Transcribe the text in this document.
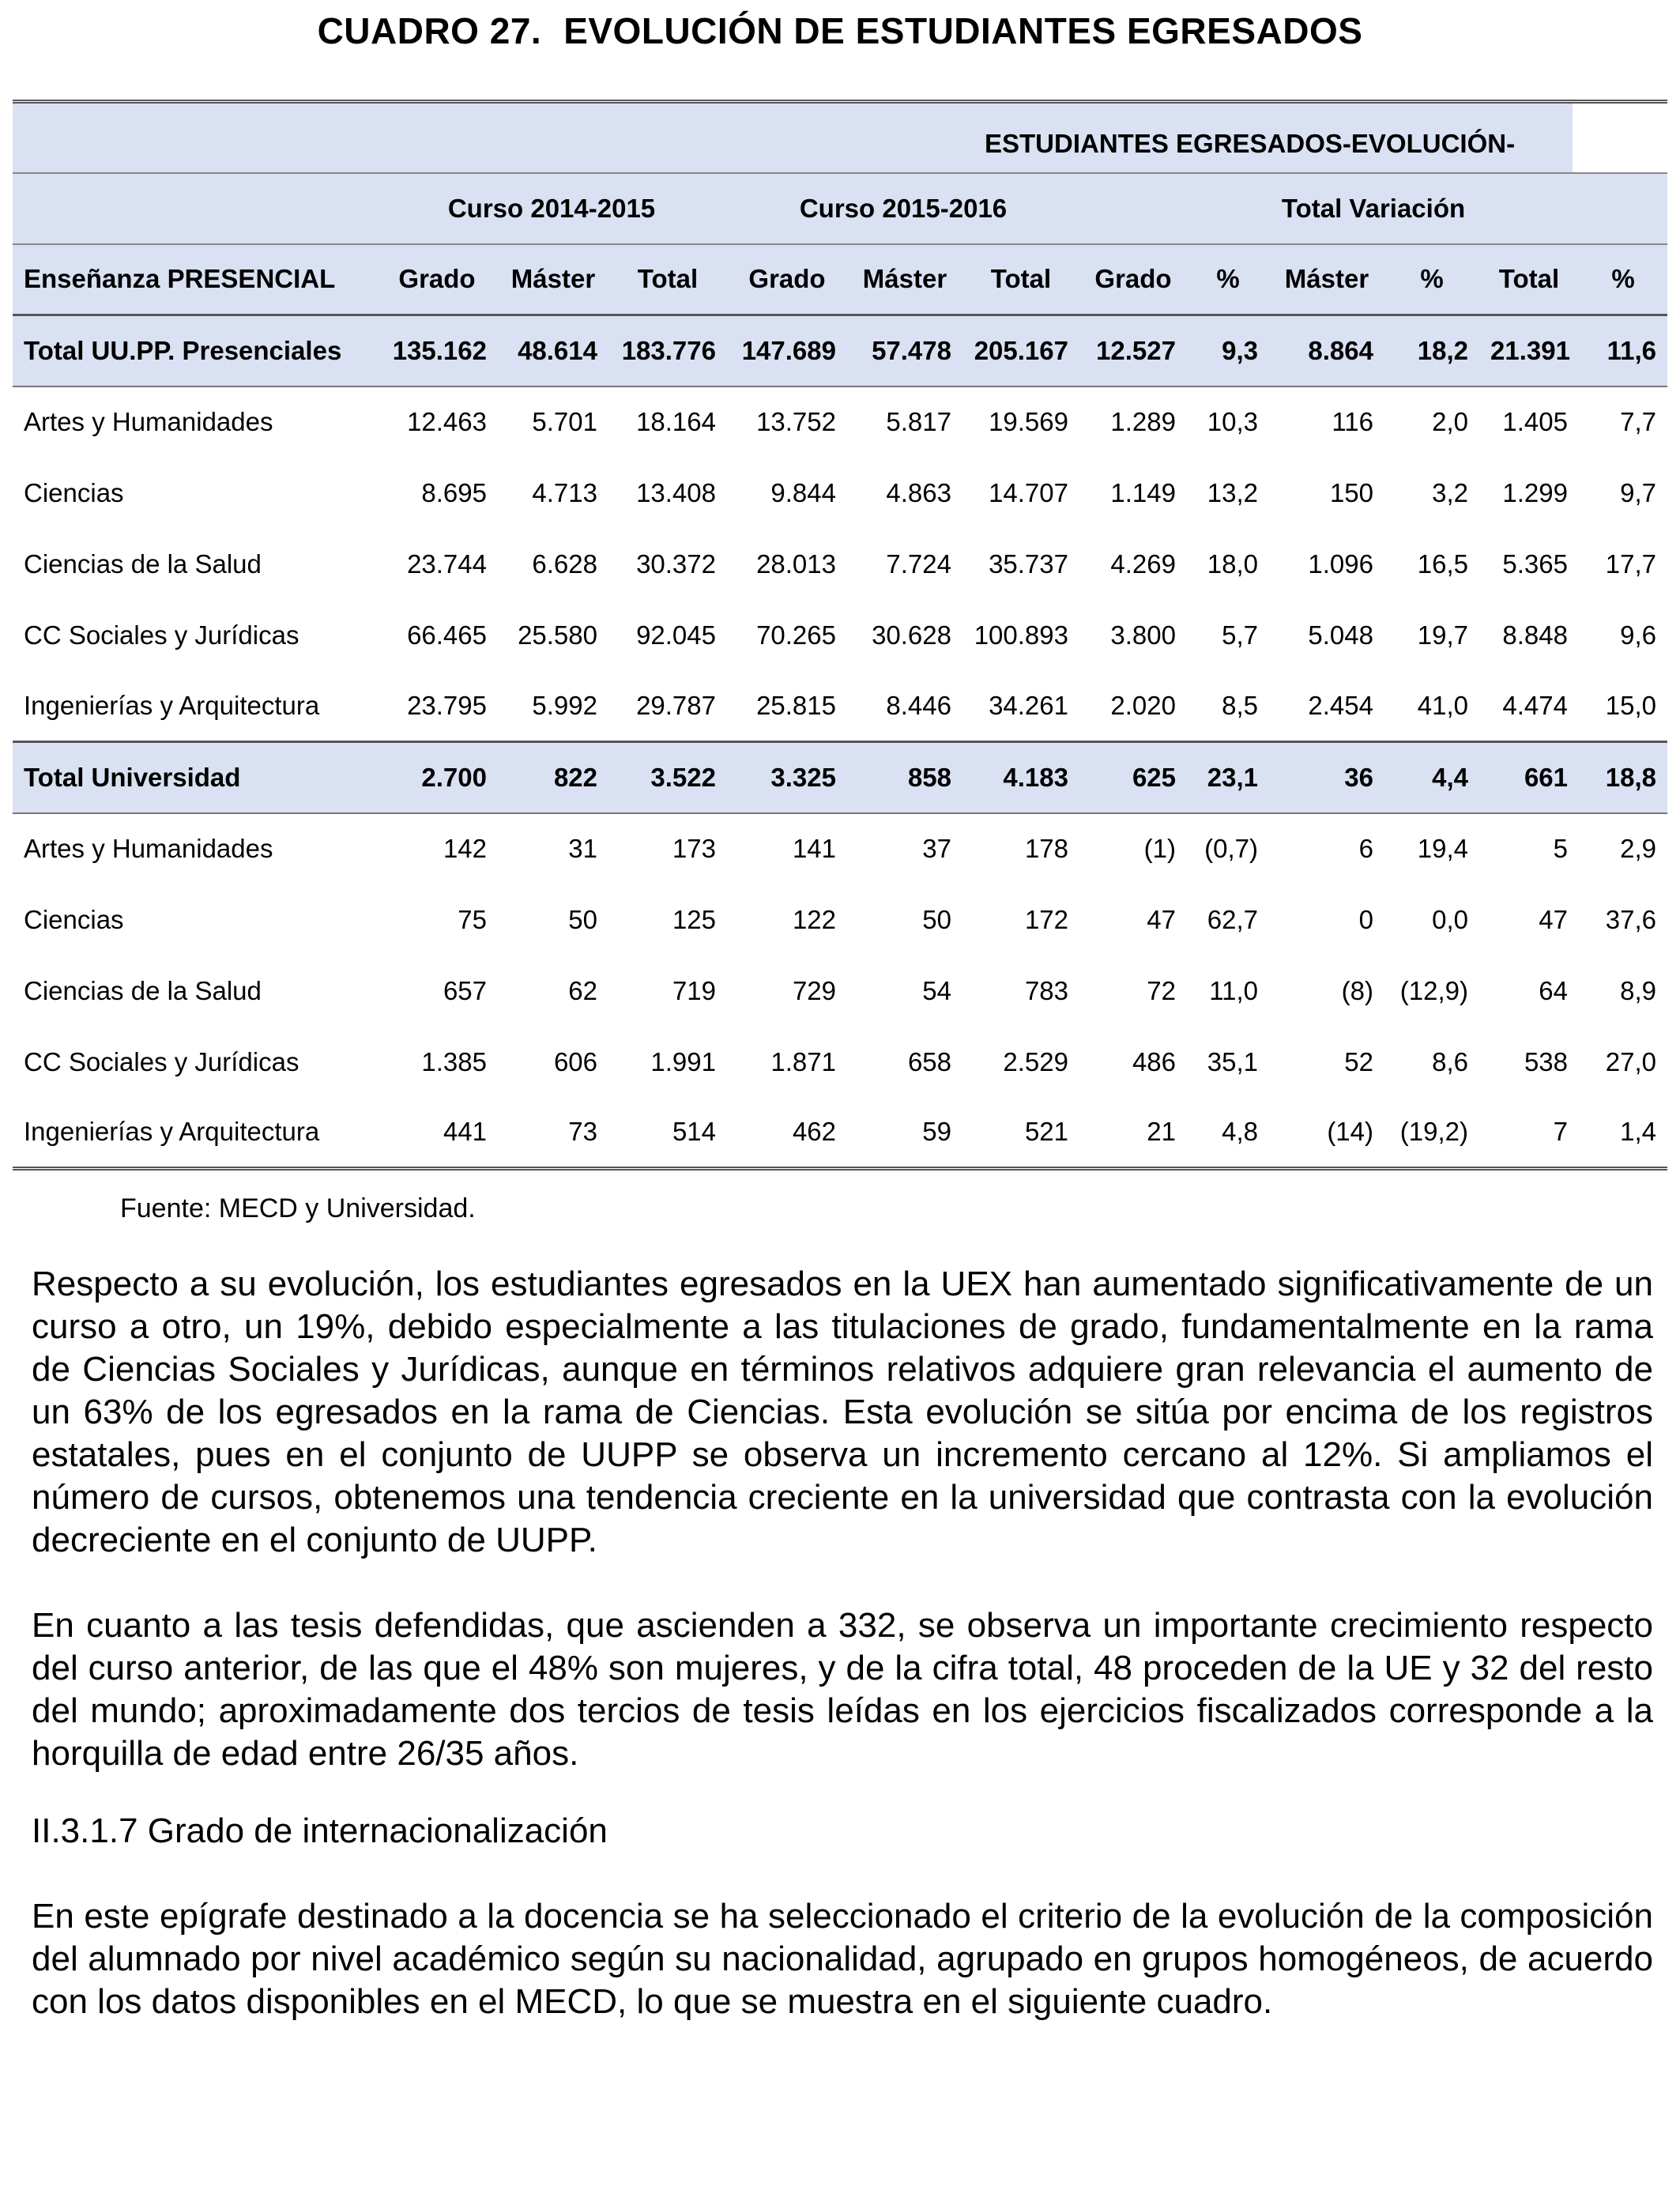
CUADRO 27. EVOLUCIÓN DE ESTUDIANTES EGRESADOS
	ESTUDIANTES EGRESADOS-EVOLUCIÓN-
	Curso 2014-2015	Curso 2015-2016	Total Variación
Enseñanza PRESENCIAL	Grado	Máster	Total	Grado	Máster	Total	Grado	%	Máster	%	Total	%
Total UU.PP. Presenciales	135.162	48.614	183.776	147.689	57.478	205.167	12.527	9,3	8.864	18,2	21.391	11,6
Artes y Humanidades	12.463	5.701	18.164	13.752	5.817	19.569	1.289	10,3	116	2,0	1.405	7,7
Ciencias	8.695	4.713	13.408	9.844	4.863	14.707	1.149	13,2	150	3,2	1.299	9,7
Ciencias de la Salud	23.744	6.628	30.372	28.013	7.724	35.737	4.269	18,0	1.096	16,5	5.365	17,7
CC Sociales y Jurídicas	66.465	25.580	92.045	70.265	30.628	100.893	3.800	5,7	5.048	19,7	8.848	9,6
Ingenierías y Arquitectura	23.795	5.992	29.787	25.815	8.446	34.261	2.020	8,5	2.454	41,0	4.474	15,0
Total Universidad	2.700	822	3.522	3.325	858	4.183	625	23,1	36	4,4	661	18,8
Artes y Humanidades	142	31	173	141	37	178	(1)	(0,7)	6	19,4	5	2,9
Ciencias	75	50	125	122	50	172	47	62,7	0	0,0	47	37,6
Ciencias de la Salud	657	62	719	729	54	783	72	11,0	(8)	(12,9)	64	8,9
CC Sociales y Jurídicas	1.385	606	1.991	1.871	658	2.529	486	35,1	52	8,6	538	27,0
Ingenierías y Arquitectura	441	73	514	462	59	521	21	4,8	(14)	(19,2)	7	1,4
Fuente: MECD y Universidad.
Respecto a su evolución, los estudiantes egresados en la UEX han aumentado significativamente de un curso a otro, un 19%, debido especialmente a las titulaciones de grado, fundamentalmente en la rama de Ciencias Sociales y Jurídicas, aunque en términos relativos adquiere gran relevancia el aumento de un 63% de los egresados en la rama de Ciencias. Esta evolución se sitúa por encima de los registros estatales, pues en el conjunto de UUPP se observa un incremento cercano al 12%. Si ampliamos el número de cursos, obtenemos una tendencia creciente en la universidad que contrasta con la evolución decreciente en el conjunto de UUPP.
En cuanto a las tesis defendidas, que ascienden a 332, se observa un importante crecimiento respecto del curso anterior, de las que el 48% son mujeres, y de la cifra total, 48 proceden de la UE y 32 del resto del mundo; aproximadamente dos tercios de tesis leídas en los ejercicios fiscalizados corresponde a la horquilla de edad entre 26/35 años.
II.3.1.7 Grado de internacionalización
En este epígrafe destinado a la docencia se ha seleccionado el criterio de la evolución de la composición del alumnado por nivel académico según su nacionalidad, agrupado en grupos homogéneos, de acuerdo con los datos disponibles en el MECD, lo que se muestra en el siguiente cuadro.
